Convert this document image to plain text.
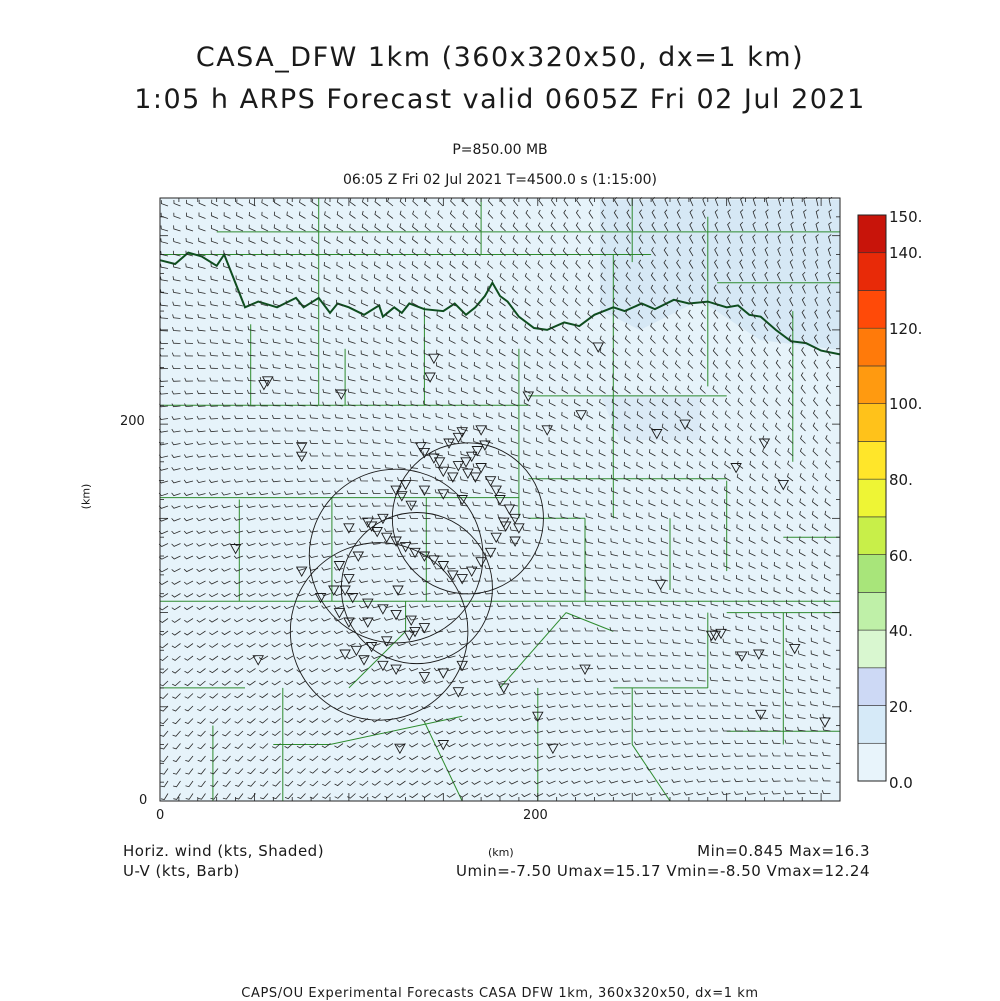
CASA_DFW 1km (360x320x50, dx=1 km)
1:05 h ARPS Forecast valid 0605Z Fri 02 Jul 2021
P=850.00 MB
06:05 Z Fri 02 Jul 2021 T=4500.0 s (1:15:00)
200
0
0	200
(km)
(km)
150.
140.
120.
100.
80.
60.
40.
20.
0.0
Horiz. wind (kts, Shaded)
U-V (kts, Barb)
Min=0.845 Max=16.3
Umin=-7.50 Umax=15.17 Vmin=-8.50 Vmax=12.24
CAPS/OU Experimental Forecasts CASA DFW 1km, 360x320x50, dx=1 km
